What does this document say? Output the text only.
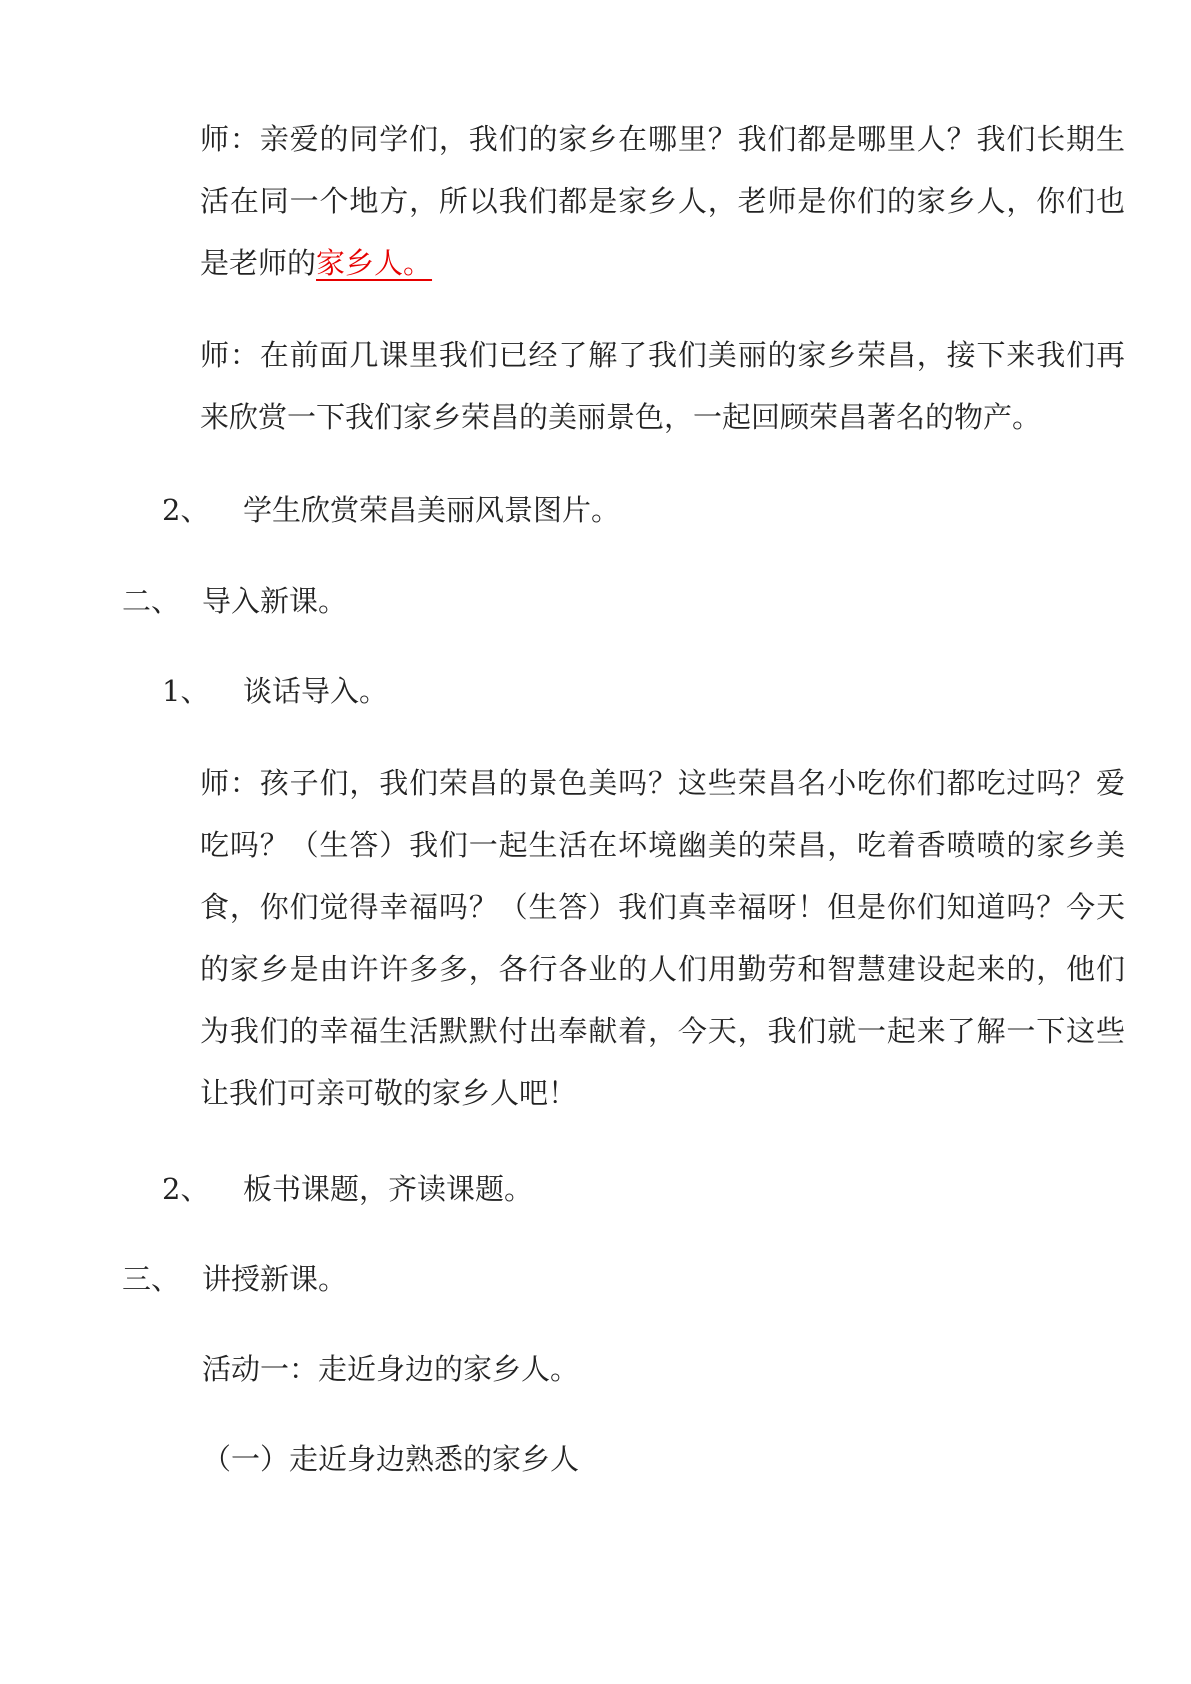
师：亲爱的同学们，我们的家乡在哪里？我们都是哪里人？我们长期生活在同一个地方，所以我们都是家乡人，老师是你们的家乡人，你们也是老师的家乡人。

师：在前面几课里我们已经了解了我们美丽的家乡荣昌，接下来我们再来欣赏一下我们家乡荣昌的美丽景色，一起回顾荣昌著名的物产。

2、 学生欣赏荣昌美丽风景图片。
二、 导入新课。
1、 谈话导入。

师：孩子们，我们荣昌的景色美吗？这些荣昌名小吃你们都吃过吗？爱吃吗？（生答）我们一起生活在坏境幽美的荣昌，吃着香喷喷的家乡美食，你们觉得幸福吗？（生答）我们真幸福呀！但是你们知道吗？今天的家乡是由许许多多，各行各业的人们用勤劳和智慧建设起来的，他们为我们的幸福生活默默付出奉献着，今天，我们就一起来了解一下这些让我们可亲可敬的家乡人吧！

2、 板书课题，齐读课题。
三、 讲授新课。
活动一：走近身边的家乡人。
（一）走近身边熟悉的家乡人
